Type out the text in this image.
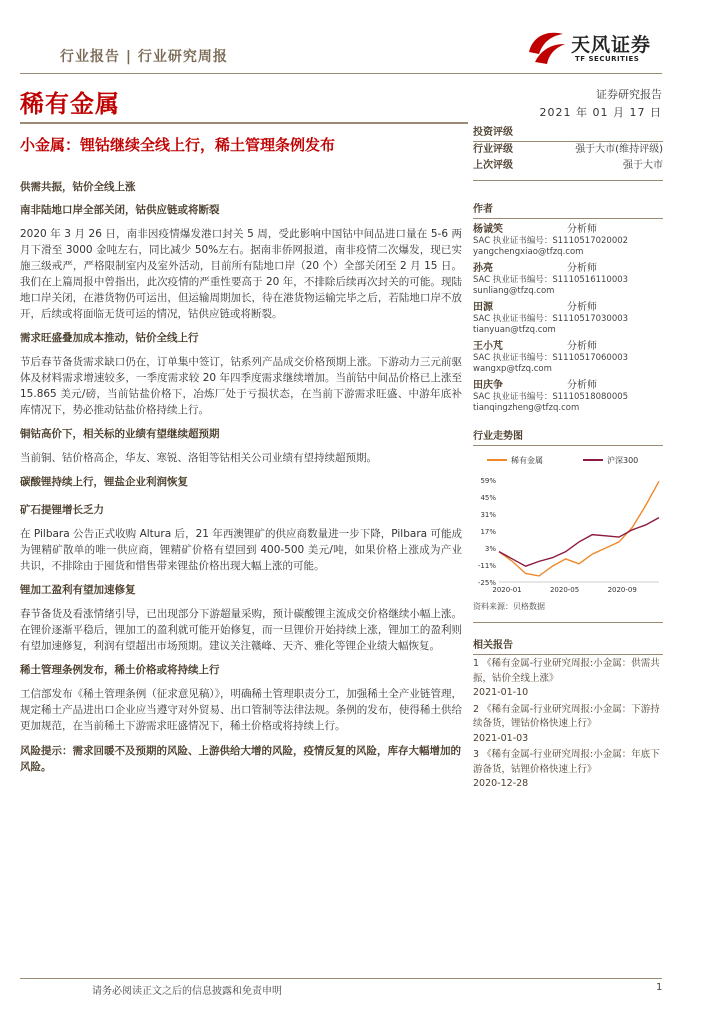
行业报告 | 行业研究周报
天风证券
TF SECURITIES
稀有金属	证券研究报告
2021 年 01 月 17 日
小金属：锂钴继续全线上行，稀土管理条例发布
供需共振，钴价全线上涨
南非陆地口岸全部关闭，钴供应链或将断裂

2020 年 3 月 26 日，南非因疫情爆发港口封关 5 周，受此影响中国钴中间品进口量在 5-6 两月下滑至 3000 金吨左右，同比减少 50%左右。据南非侨网报道，南非疫情二次爆发，现已实施三级戒严，严格限制室内及室外活动，目前所有陆地口岸（20 个）全部关闭至 2 月 15 日。我们在上篇周报中曾指出，此次疫情的严重性要高于 20 年，不排除后续再次封关的可能。现陆地口岸关闭，在港货物仍可运出，但运输周期加长，待在港货物运输完毕之后，若陆地口岸不放开，后续或将面临无货可运的情况，钴供应链或将断裂。

需求旺盛叠加成本推动，钴价全线上行

节后春节备货需求缺口仍在，订单集中签订，钴系列产品成交价格预期上涨。下游动力三元前驱体及材料需求增速较多，一季度需求较 20 年四季度需求继续增加。当前钴中间品价格已上涨至 15.865 美元/磅，当前钴盐价格下，冶炼厂处于亏损状态，在当前下游需求旺盛、中游年底补库情况下，势必推动钴盐价格持续上行。

铜钴高价下，相关标的业绩有望继续超预期

当前铜、钴价格高企，华友、寒锐、洛钼等钴相关公司业绩有望持续超预期。

碳酸锂持续上行，锂盐企业利润恢复
矿石提锂增长乏力

在 Pilbara 公告正式收购 Altura 后，21 年西澳锂矿的供应商数量进一步下降，Pilbara 可能成为锂精矿散单的唯一供应商，锂精矿价格有望回到 400-500 美元/吨，如果价格上涨成为产业共识，不排除由于囤货和惜售带来锂盐价格出现大幅上涨的可能。

锂加工盈利有望加速修复

春节备货及看涨情绪引导，已出现部分下游超量采购，预计碳酸锂主流成交价格继续小幅上涨。在锂价逐渐平稳后，锂加工的盈利就可能开始修复，而一旦锂价开始持续上涨，锂加工的盈利则有望加速修复，利润有望超出市场预期。建议关注赣峰、天齐、雅化等锂企业绩大幅恢复。

稀土管理条例发布，稀土价格或将持续上行

工信部发布《稀土管理条例（征求意见稿）》，明确稀土管理职责分工，加强稀土全产业链管理，规定稀土产品进出口企业应当遵守对外贸易、出口管制等法律法规。条例的发布，使得稀土供给更加规范，在当前稀土下游需求旺盛情况下，稀土价格或将持续上行。

风险提示：需求回暖不及预期的风险、上游供给大增的风险，疫情反复的风险，库存大幅增加的风险。
投资评级
行业评级	强于大市(维持评级)
上次评级	强于大市
作者
杨诚笑	分析师
SAC 执业证书编号：S1110517020002
yangchengxiao@tfzq.com
孙亮	分析师
SAC 执业证书编号：S1110516110003
sunliang@tfzq.com
田源	分析师
SAC 执业证书编号：S1110517030003
tianyuan@tfzq.com
王小芃	分析师
SAC 执业证书编号：S1110517060003
wangxp@tfzq.com
田庆争	分析师
SAC 执业证书编号：S1110518080005
tianqingzheng@tfzq.com
行业走势图
稀有金属	沪深300
59%
45%
31%
17%
3%
-11%
-25%
2020-01	2020-05	2020-09
资料来源：贝格数据
相关报告
1 《稀有金属-行业研究周报:小金属：供需共振，钴价全线上涨》
2021-01-10
2 《稀有金属-行业研究周报:小金属：下游持续备货，锂钴价格快速上行》
2021-01-03
3 《稀有金属-行业研究周报:小金属：年底下游备货，钴锂价格快速上行》
2020-12-28
请务必阅读正文之后的信息披露和免责申明	1
